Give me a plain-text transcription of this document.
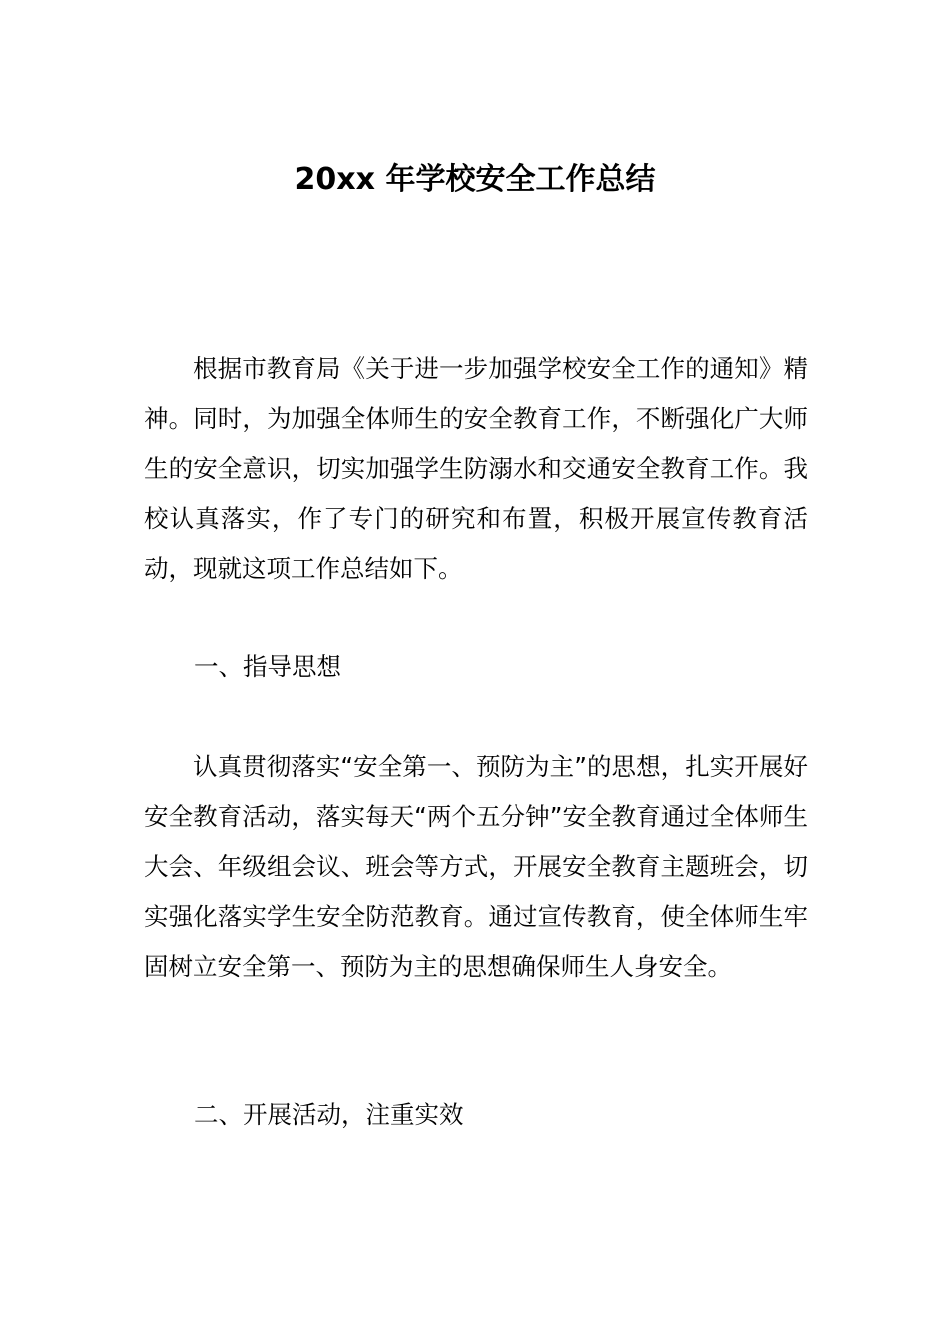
20xx 年学校安全工作总结

根据市教育局《关于进一步加强学校安全工作的通知》精神。同时，为加强全体师生的安全教育工作，不断强化广大师生的安全意识，切实加强学生防溺水和交通安全教育工作。我校认真落实，作了专门的研究和布置，积极开展宣传教育活动，现就这项工作总结如下。

一、指导思想

认真贯彻落实“安全第一、预防为主”的思想，扎实开展好安全教育活动，落实每天“两个五分钟”安全教育通过全体师生大会、年级组会议、班会等方式，开展安全教育主题班会，切实强化落实学生安全防范教育。通过宣传教育，使全体师生牢固树立安全第一、预防为主的思想确保师生人身安全。

二、开展活动，注重实效
